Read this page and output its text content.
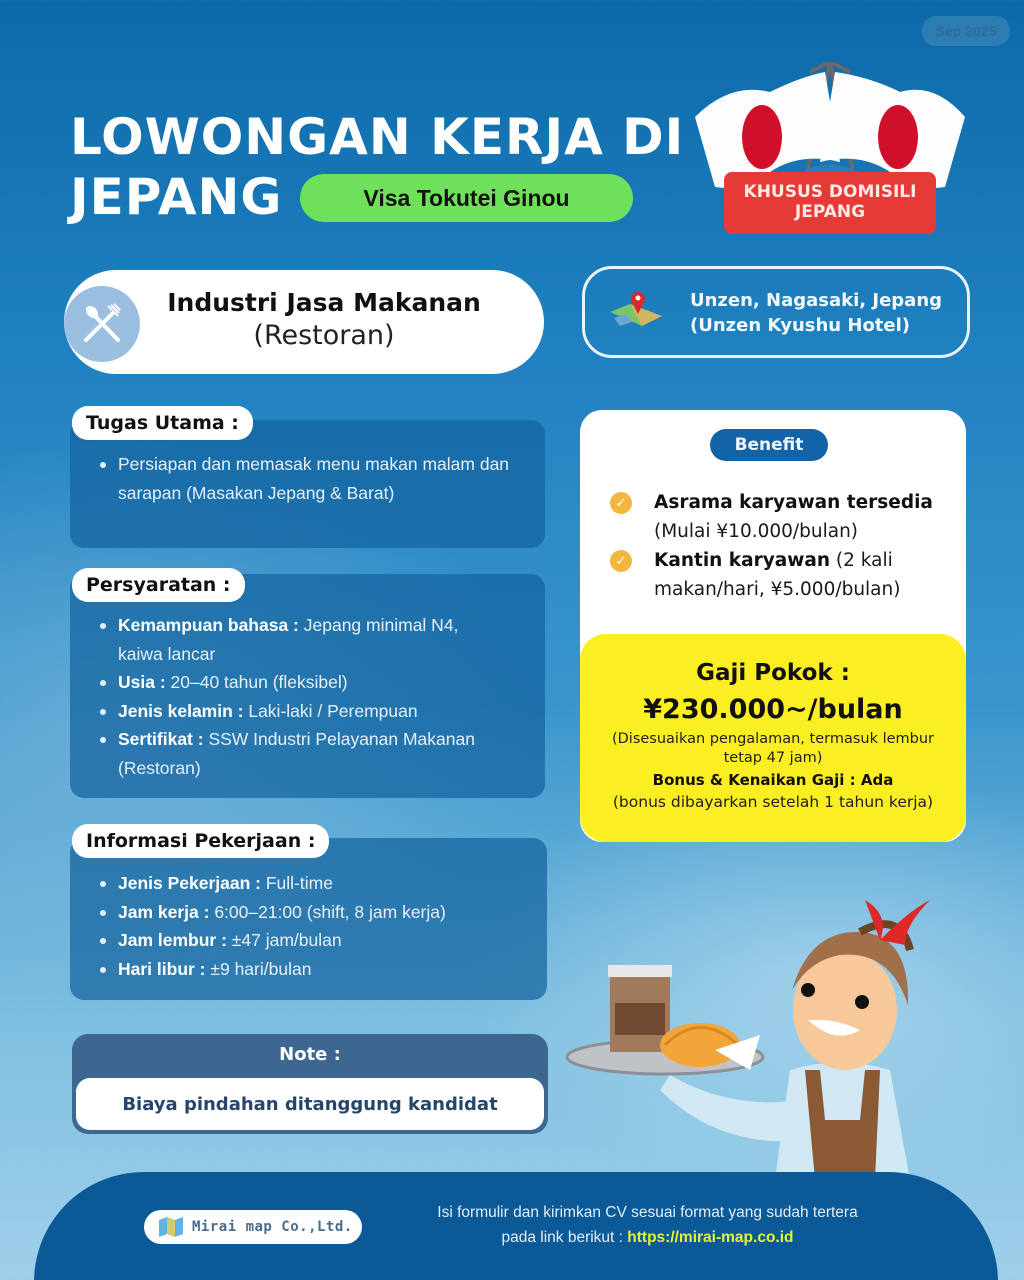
Sep 2025
LOWONGAN KERJA DI
JEPANG	Visa Tokutei Ginou	KHUSUS DOMISILI
JEPANG
Industri Jasa Makanan
(Restoran)
Unzen, Nagasaki, Jepang
(Unzen Kyushu Hotel)
Tugas Utama :
Persiapan dan memasak menu makan malam dan sarapan (Masakan Jepang & Barat)
Persyaratan :
Kemampuan bahasa : Jepang minimal N4,
kaiwa lancar
Usia : 20–40 tahun (fleksibel)
Jenis kelamin : Laki-laki / Perempuan
Sertifikat : SSW Industri Pelayanan Makanan
(Restoran)
Informasi Pekerjaan :
Jenis Pekerjaan : Full-time
Jam kerja : 6:00–21:00 (shift, 8 jam kerja)
Jam lembur : ±47 jam/bulan
Hari libur : ±9 hari/bulan
Note :
Biaya pindahan ditanggung kandidat
Benefit
✓ Asrama karyawan tersedia
(Mulai ¥10.000/bulan)
✓ Kantin karyawan (2 kali makan/hari, ¥5.000/bulan)
Gaji Pokok :
¥230.000~/bulan
(Disesuaikan pengalaman, termasuk lembur tetap 47 jam)
Bonus & Kenaikan Gaji : Ada
(bonus dibayarkan setelah 1 tahun kerja)
Mirai map Co.,Ltd.
Isi formulir dan kirimkan CV sesuai format yang sudah tertera
pada link berikut : https://mirai-map.co.id
